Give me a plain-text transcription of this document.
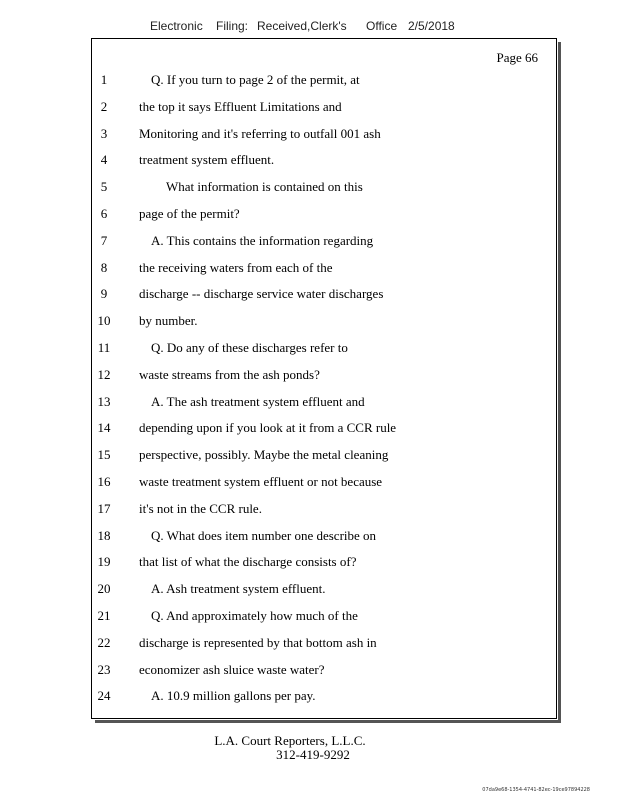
Electronic Filing: Received,Clerk's Office 2/5/2018
Page 66
1	Q. If you turn to page 2 of the permit, at
2	the top it says Effluent Limitations and
3	Monitoring and it's referring to outfall 001 ash
4	treatment system effluent.
5	What information is contained on this
6	page of the permit?
7	A. This contains the information regarding
8	the receiving waters from each of the
9	discharge -- discharge service water discharges
10	by number.
11	Q. Do any of these discharges refer to
12	waste streams from the ash ponds?
13	A. The ash treatment system effluent and
14	depending upon if you look at it from a CCR rule
15	perspective, possibly. Maybe the metal cleaning
16	waste treatment system effluent or not because
17	it's not in the CCR rule.
18	Q. What does item number one describe on
19	that list of what the discharge consists of?
20	A. Ash treatment system effluent.
21	Q. And approximately how much of the
22	discharge is represented by that bottom ash in
23	economizer ash sluice waste water?
24	A. 10.9 million gallons per pay.
L.A. Court Reporters, L.L.C.
312-419-9292
07da9e68-1354-4741-82ec-19ce97894228
